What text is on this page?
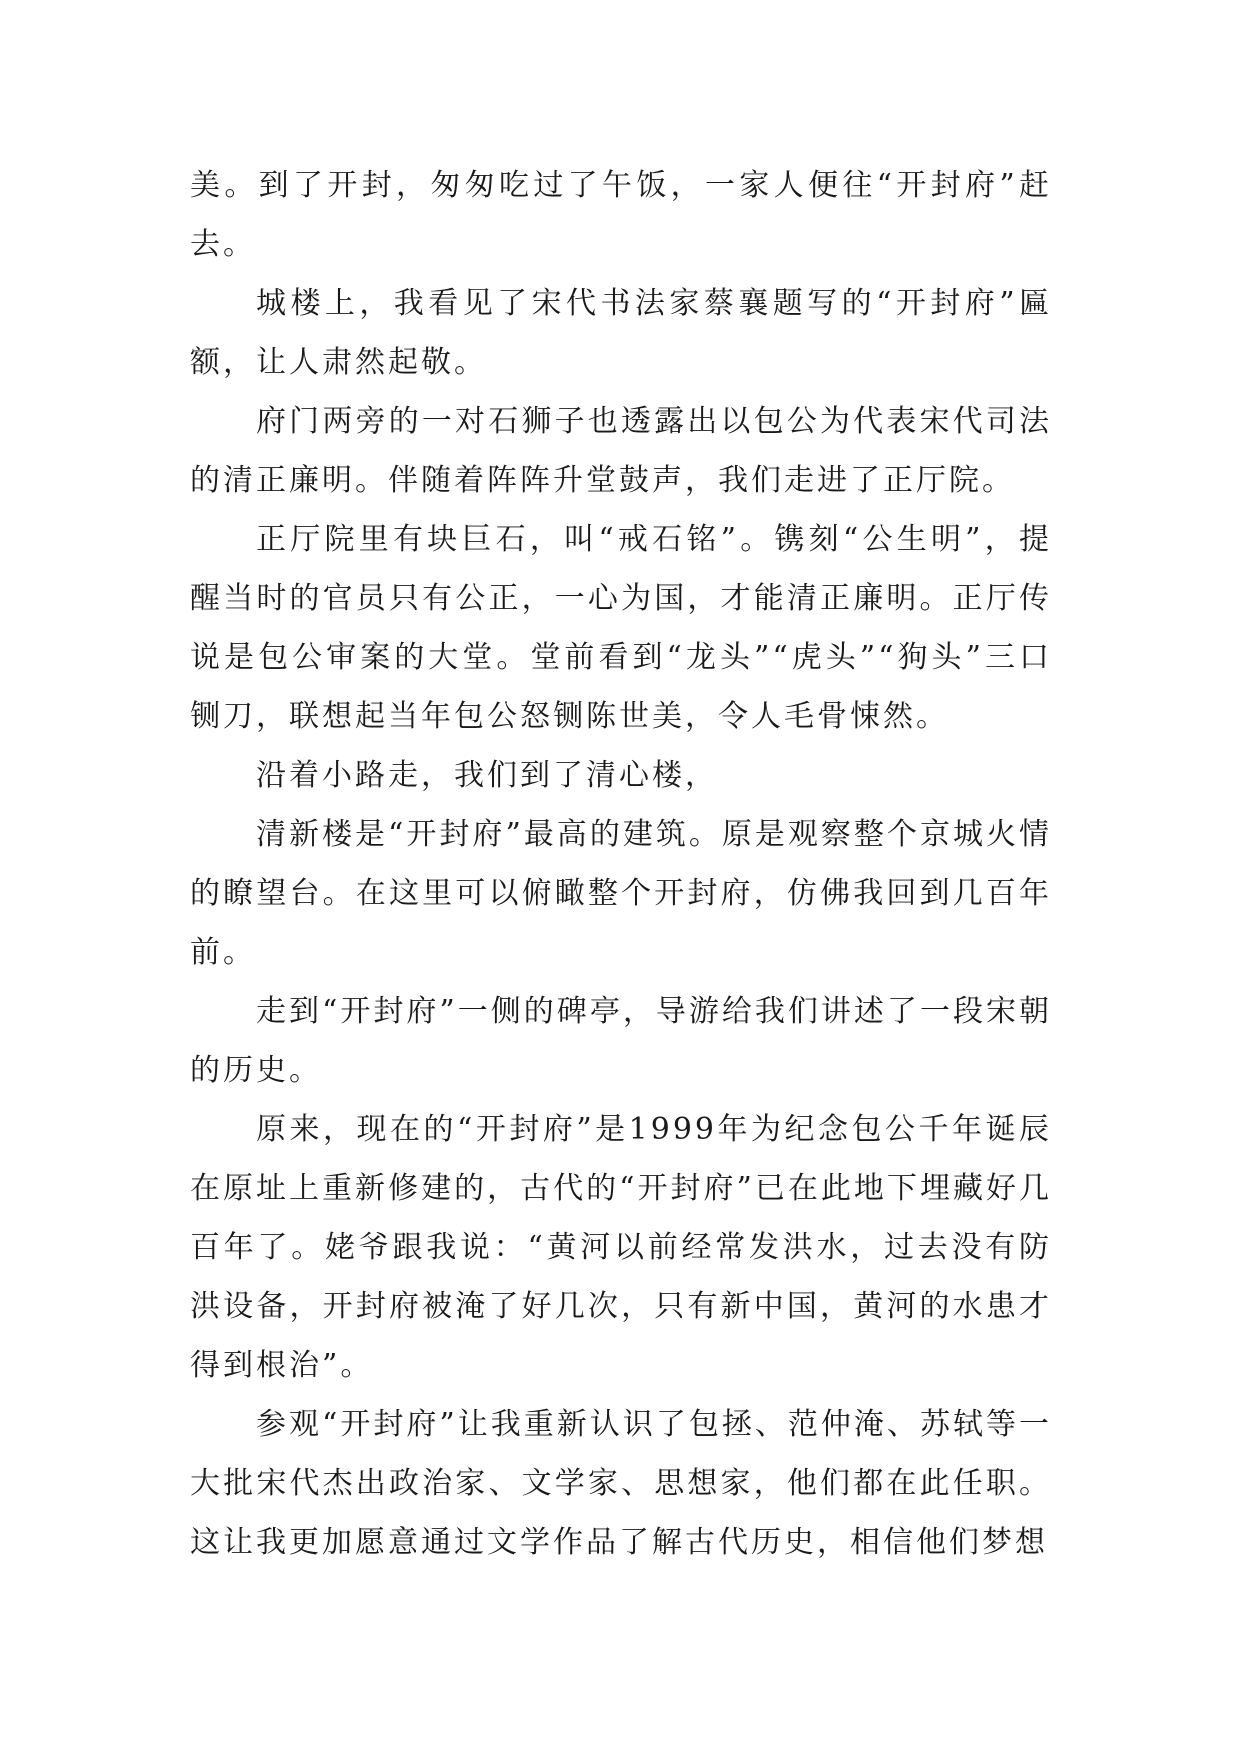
美。到了开封，匆匆吃过了午饭，一家人便往“开封府”赶去。

城楼上，我看见了宋代书法家蔡襄题写的“开封府”匾额，让人肃然起敬。

府门两旁的一对石狮子也透露出以包公为代表宋代司法的清正廉明。伴随着阵阵升堂鼓声，我们走进了正厅院。

正厅院里有块巨石，叫“戒石铭”。镌刻“公生明”，提醒当时的官员只有公正，一心为国，才能清正廉明。正厅传说是包公审案的大堂。堂前看到“龙头”“虎头”“狗头”三口铡刀，联想起当年包公怒铡陈世美，令人毛骨悚然。

沿着小路走，我们到了清心楼，

清新楼是“开封府”最高的建筑。原是观察整个京城火情的瞭望台。在这里可以俯瞰整个开封府，仿佛我回到几百年前。

走到“开封府”一侧的碑亭，导游给我们讲述了一段宋朝的历史。

原来，现在的“开封府”是1999年为纪念包公千年诞辰在原址上重新修建的，古代的“开封府”已在此地下埋藏好几百年了。姥爷跟我说：“黄河以前经常发洪水，过去没有防洪设备，开封府被淹了好几次，只有新中国，黄河的水患才得到根治”。

参观“开封府”让我重新认识了包拯、范仲淹、苏轼等一大批宋代杰出政治家、文学家、思想家，他们都在此任职。这让我更加愿意通过文学作品了解古代历史，相信他们梦想
